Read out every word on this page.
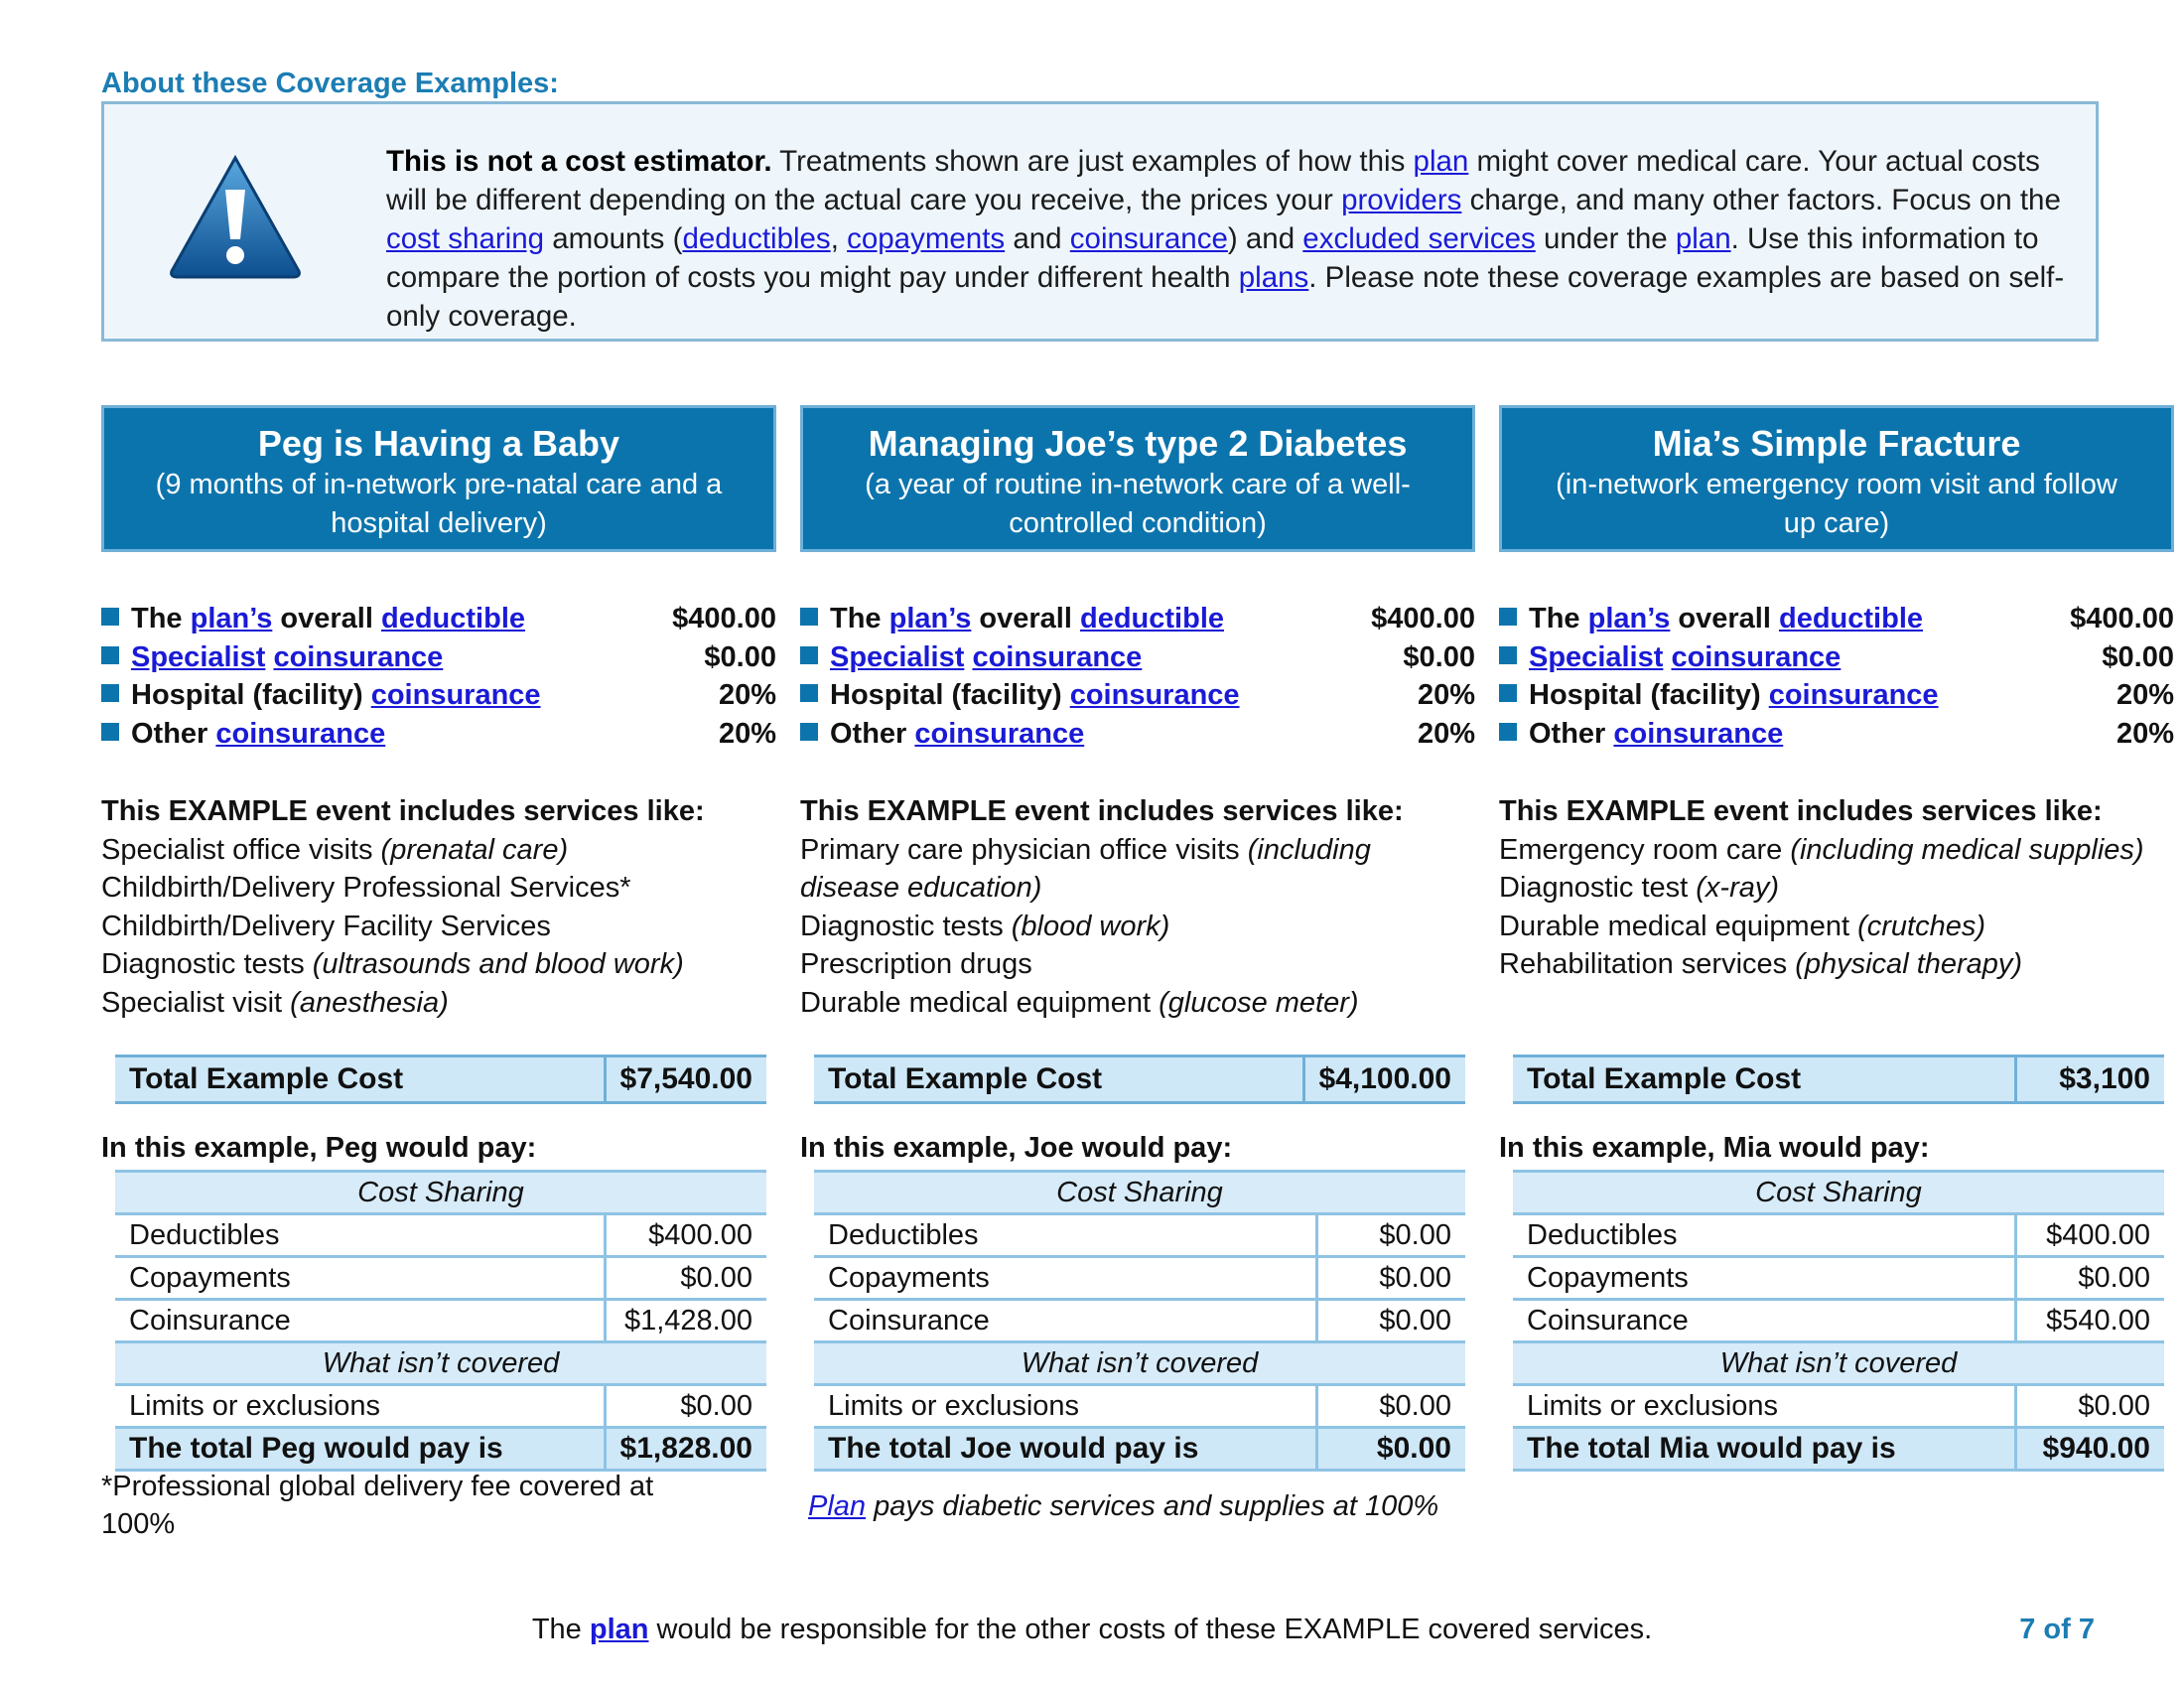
About these Coverage Examples:
This is not a cost estimator. Treatments shown are just examples of how this plan might cover medical care. Your actual costs will be different depending on the actual care you receive, the prices your providers charge, and many other factors. Focus on the cost sharing amounts (deductibles, copayments and coinsurance) and excluded services under the plan. Use this information to compare the portion of costs you might pay under different health plans. Please note these coverage examples are based on self-only coverage.
Peg is Having a Baby
(9 months of in-network pre-natal care and a hospital delivery)
The plan’s overall deductible	$400.00
Specialist coinsurance	$0.00
Hospital (facility) coinsurance	20%
Other coinsurance	20%
This EXAMPLE event includes services like:
Specialist office visits (prenatal care)
Childbirth/Delivery Professional Services*
Childbirth/Delivery Facility Services
Diagnostic tests (ultrasounds and blood work)
Specialist visit (anesthesia)
Total Example Cost	$7,540.00
In this example, Peg would pay:
Cost Sharing	
Deductibles	$400.00
Copayments	$0.00
Coinsurance	$1,428.00
What isn’t covered	
Limits or exclusions	$0.00
The total Peg would pay is	$1,828.00
*Professional global delivery fee covered at 100%
Managing Joe’s type 2 Diabetes
(a year of routine in-network care of a well-controlled condition)
The plan’s overall deductible	$400.00
Specialist coinsurance	$0.00
Hospital (facility) coinsurance	20%
Other coinsurance	20%
This EXAMPLE event includes services like:
Primary care physician office visits (including disease education)
Diagnostic tests (blood work)
Prescription drugs
Durable medical equipment (glucose meter)
Total Example Cost	$4,100.00
In this example, Joe would pay:
Cost Sharing	
Deductibles	$0.00
Copayments	$0.00
Coinsurance	$0.00
What isn’t covered	
Limits or exclusions	$0.00
The total Joe would pay is	$0.00
Plan pays diabetic services and supplies at 100%
Mia’s Simple Fracture
(in-network emergency room visit and follow up care)
The plan’s overall deductible	$400.00
Specialist coinsurance	$0.00
Hospital (facility) coinsurance	20%
Other coinsurance	20%
This EXAMPLE event includes services like:
Emergency room care (including medical supplies)
Diagnostic test (x-ray)
Durable medical equipment (crutches)
Rehabilitation services (physical therapy)
Total Example Cost	$3,100
In this example, Mia would pay:
Cost Sharing	
Deductibles	$400.00
Copayments	$0.00
Coinsurance	$540.00
What isn’t covered	
Limits or exclusions	$0.00
The total Mia would pay is	$940.00
The plan would be responsible for the other costs of these EXAMPLE covered services.	7 of 7
